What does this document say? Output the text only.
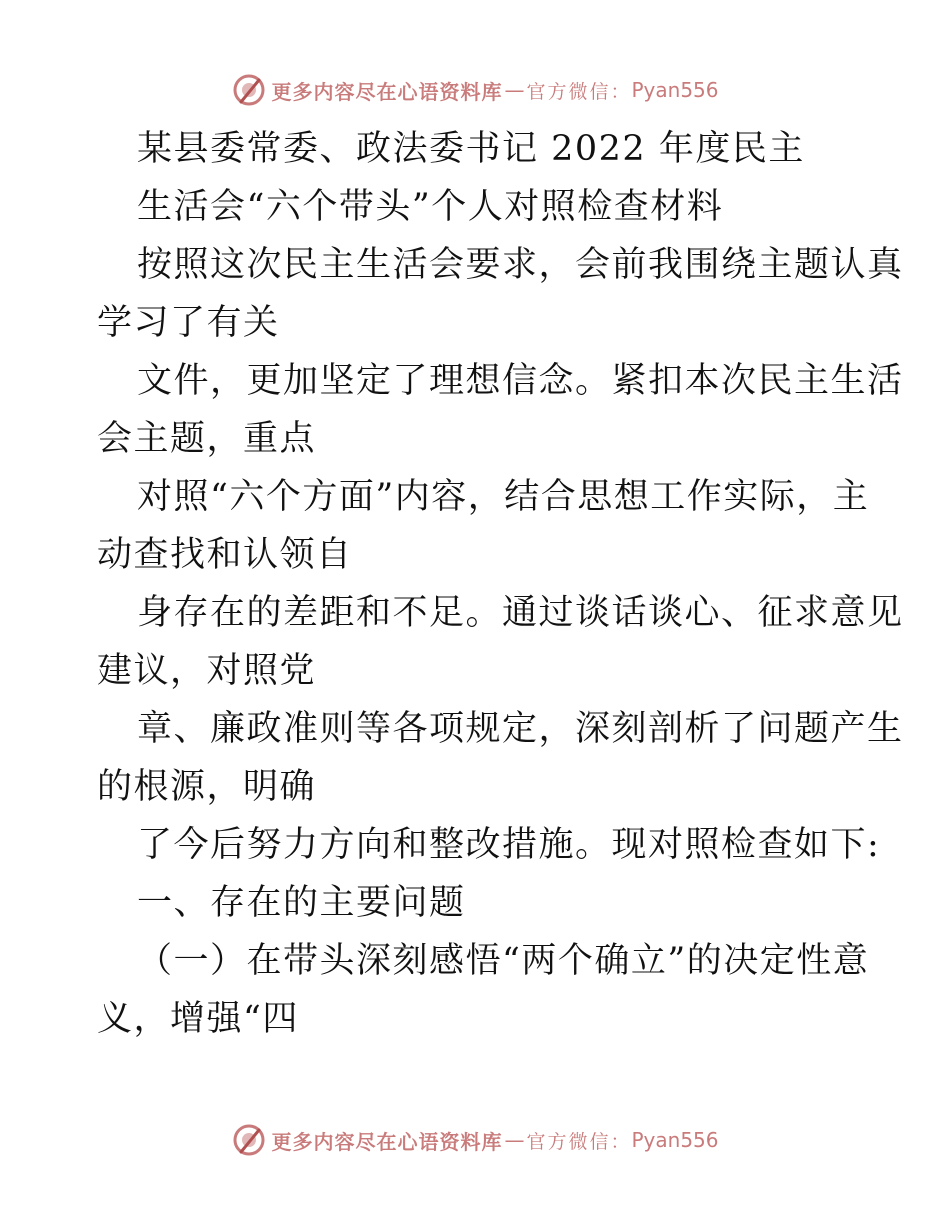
更多内容尽在心语资料库 — 官方微信： Pyan556
某县委常委、政法委书记 2022 年度民主
生活会“六个带头”个人对照检查材料
按照这次民主生活会要求，会前我围绕主题认真
学习了有关
文件，更加坚定了理想信念。紧扣本次民主生活
会主题，重点
对照“六个方面”内容，结合思想工作实际，主
动查找和认领自
身存在的差距和不足。通过谈话谈心、征求意见
建议，对照党
章、廉政准则等各项规定，深刻剖析了问题产生
的根源，明确
了今后努力方向和整改措施。现对照检查如下:
一、存在的主要问题
（一）在带头深刻感悟“两个确立”的决定性意
义，增强“四
更多内容尽在心语资料库 — 官方微信： Pyan556
